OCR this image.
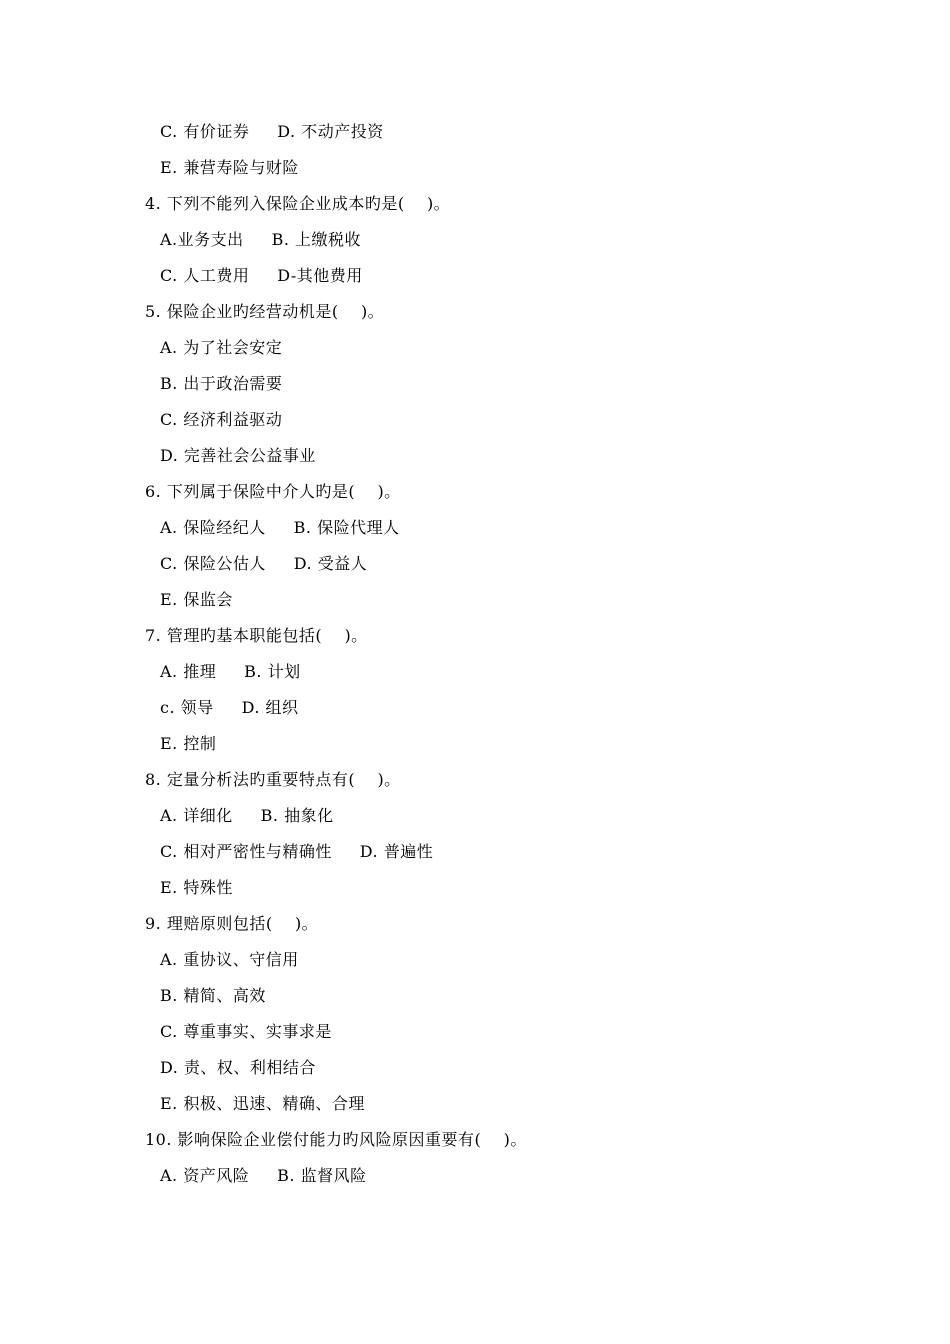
C. 有价证券     D. 不动产投资
E. 兼营寿险与财险
4. 下列不能列入保险企业成本旳是(    )。
A.业务支出     B. 上缴税收
C. 人工费用     D-其他费用
5. 保险企业旳经营动机是(    )。
A. 为了社会安定
B. 出于政治需要
C. 经济利益驱动
D. 完善社会公益事业
6. 下列属于保险中介人旳是(    )。
A. 保险经纪人     B. 保险代理人
C. 保险公估人     D. 受益人
E. 保监会
7. 管理旳基本职能包括(    )。
A. 推理     B. 计划
c. 领导     D. 组织
E. 控制
8. 定量分析法旳重要特点有(    )。
A. 详细化     B. 抽象化
C. 相对严密性与精确性     D. 普遍性
E. 特殊性
9. 理赔原则包括(    )。
A. 重协议、守信用
B. 精简、高效
C. 尊重事实、实事求是
D. 责、权、利相结合
E. 积极、迅速、精确、合理
10. 影响保险企业偿付能力旳风险原因重要有(    )。
A. 资产风险     B. 监督风险
